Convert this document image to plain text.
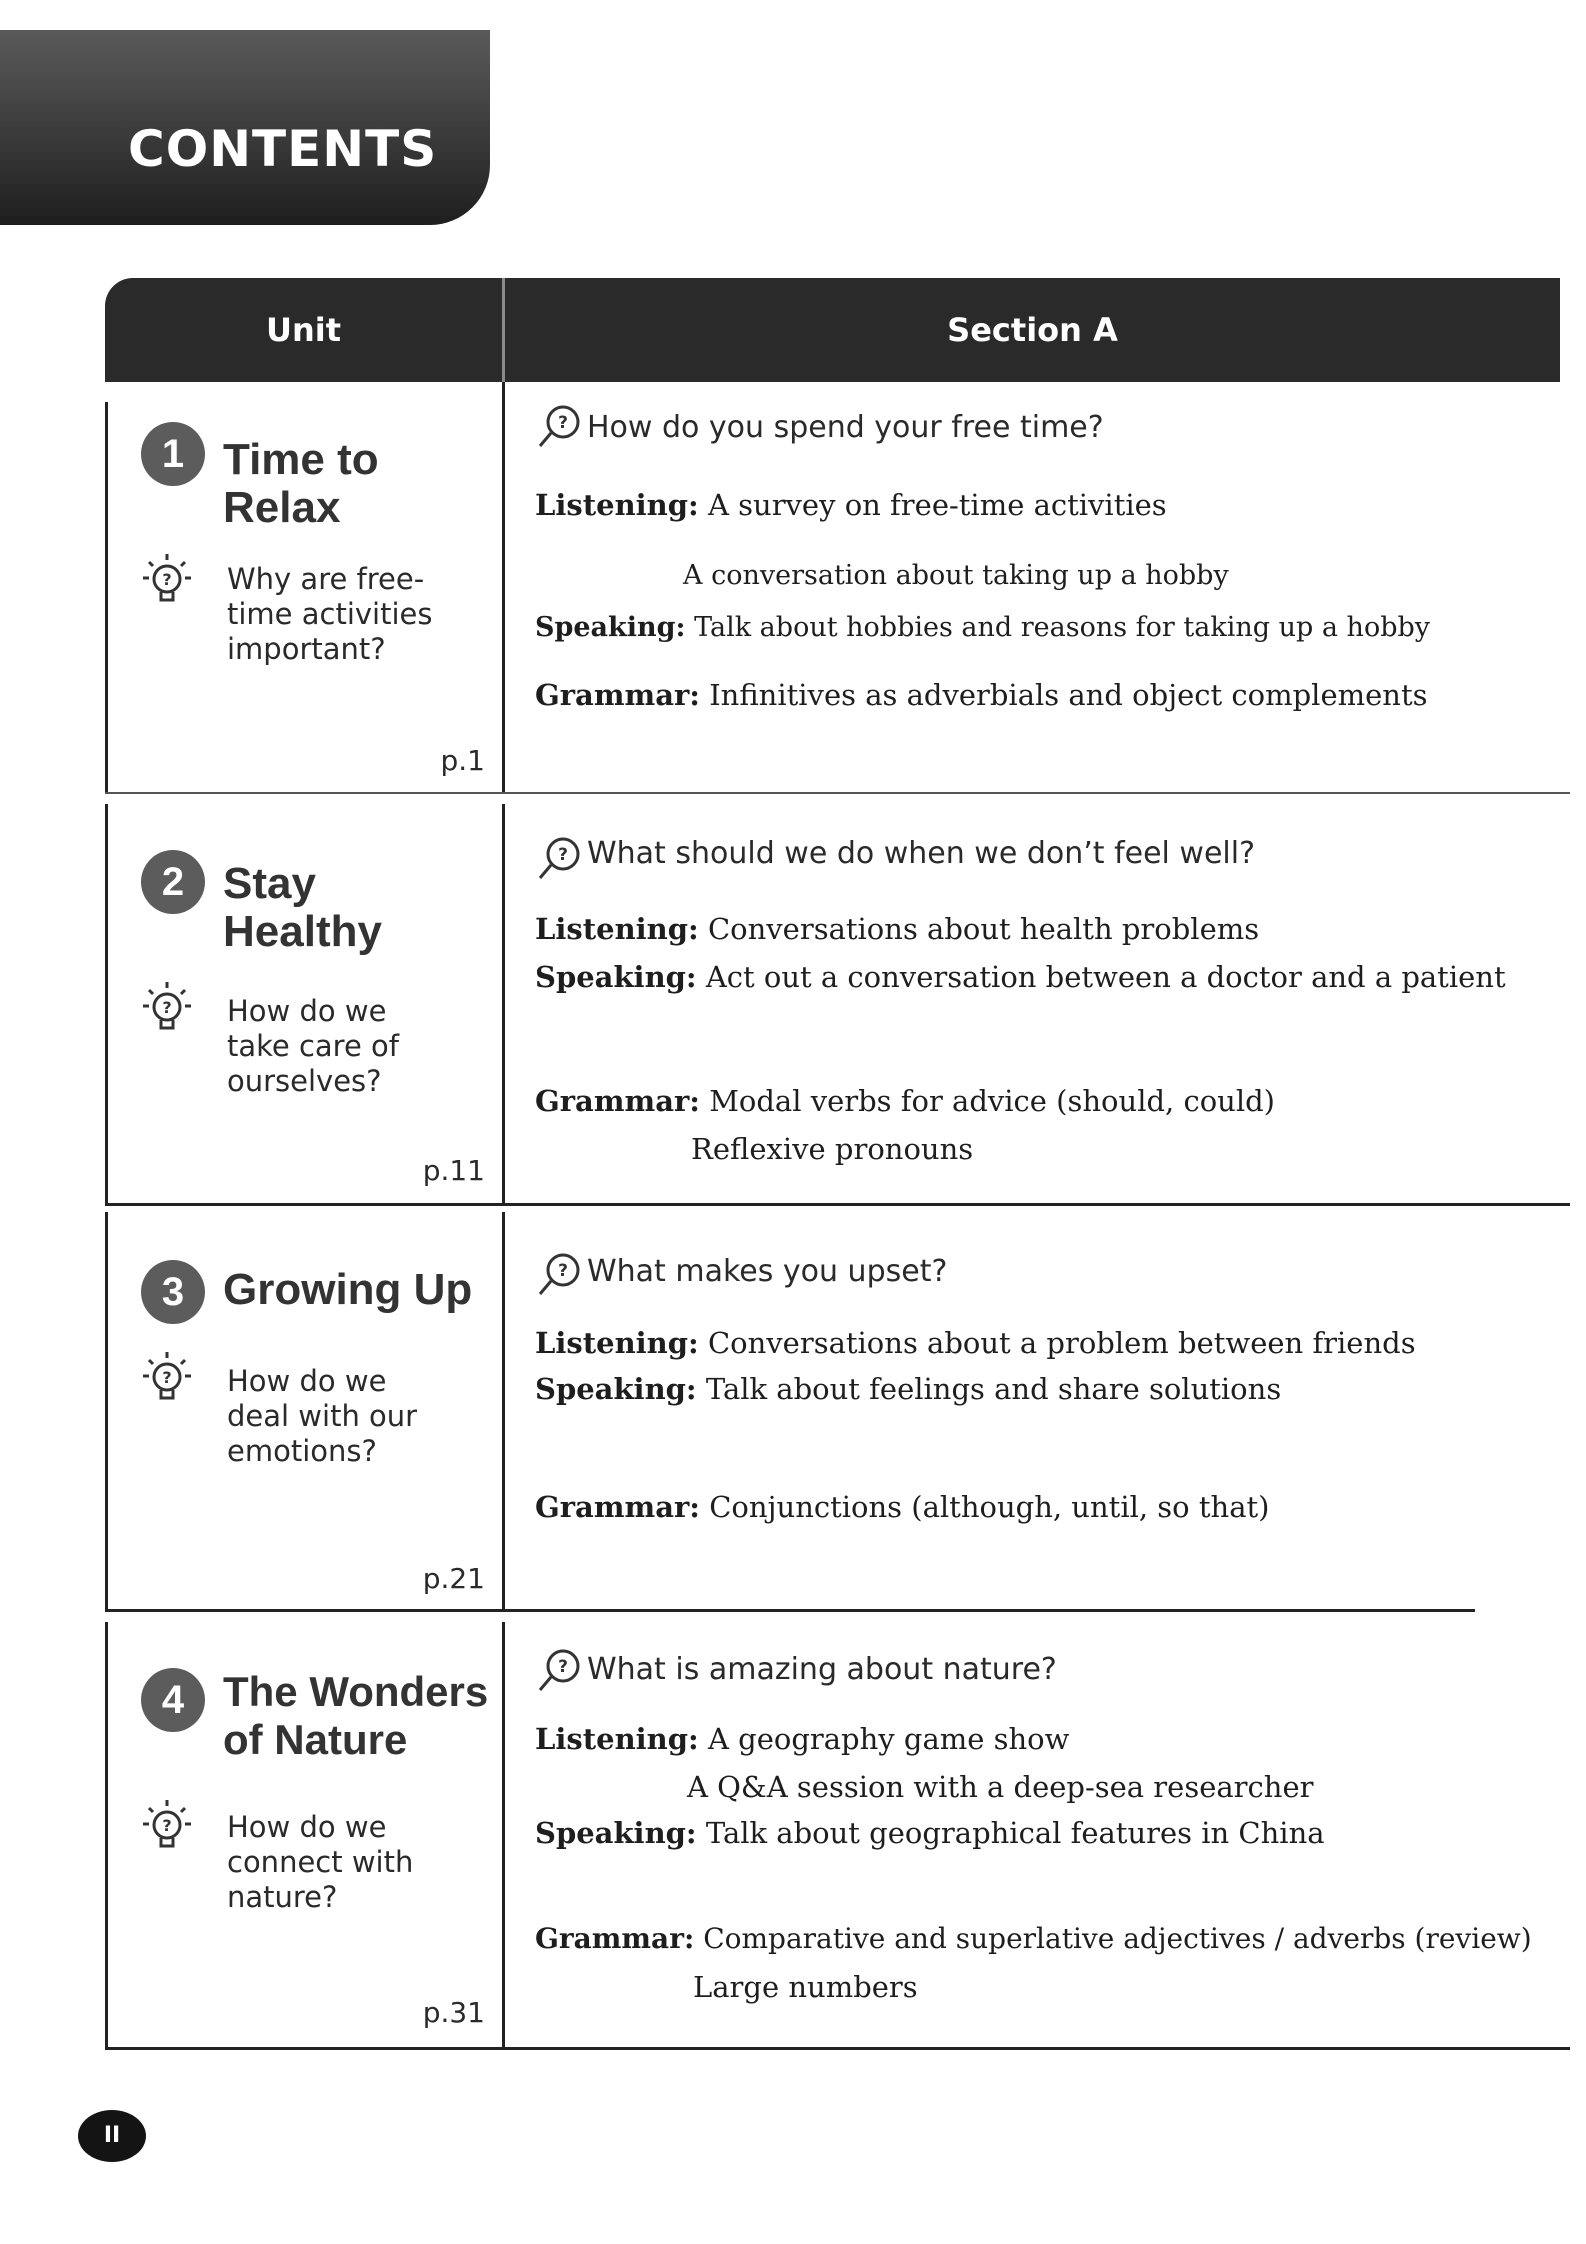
CONTENTS
Unit	Section A
1 Time to
Relax
? Why are free-
time activities
important?
p.1
? How do you spend your free time?
Listening: A survey on free-time activities
A conversation about taking up a hobby
Speaking: Talk about hobbies and reasons for taking up a hobby
Grammar: Infinitives as adverbials and object complements
2 Stay
Healthy
? How do we
take care of
ourselves?
p.11
? What should we do when we don’t feel well?
Listening: Conversations about health problems
Speaking: Act out a conversation between a doctor and a patient
Grammar: Modal verbs for advice (should, could)
Reflexive pronouns
3 Growing Up
? How do we
deal with our
emotions?
p.21
? What makes you upset?
Listening: Conversations about a problem between friends
Speaking: Talk about feelings and share solutions
Grammar: Conjunctions (although, until, so that)
4 The Wonders
of Nature
? How do we
connect with
nature?
p.31
? What is amazing about nature?
Listening: A geography game show
A Q&A session with a deep-sea researcher
Speaking: Talk about geographical features in China
Grammar: Comparative and superlative adjectives / adverbs (review)
Large numbers
II
